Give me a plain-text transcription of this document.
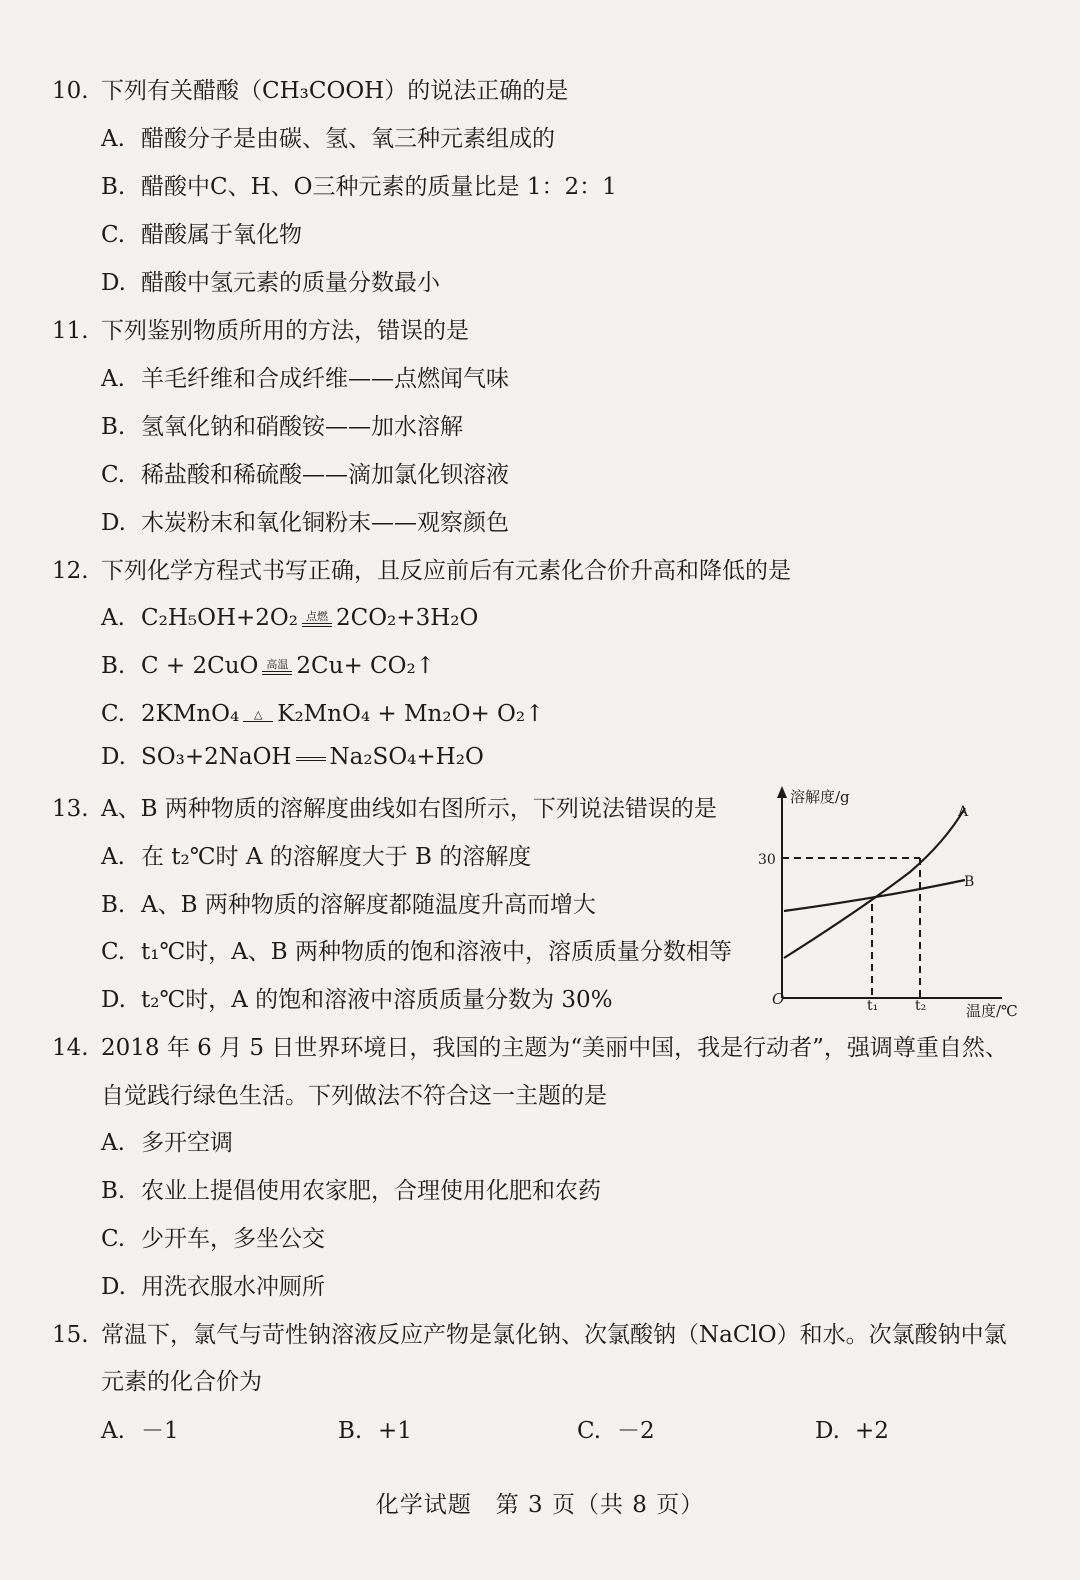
10. 下列有关醋酸（CH₃COOH）的说法正确的是
A. 醋酸分子是由碳、氢、氧三种元素组成的
B. 醋酸中C、H、O三种元素的质量比是 1：2：1
C. 醋酸属于氧化物
D. 醋酸中氢元素的质量分数最小
11. 下列鉴别物质所用的方法，错误的是
A. 羊毛纤维和合成纤维——点燃闻气味
B. 氢氧化钠和硝酸铵——加水溶解
C. 稀盐酸和稀硫酸——滴加氯化钡溶液
D. 木炭粉末和氧化铜粉末——观察颜色
12. 下列化学方程式书写正确，且反应前后有元素化合价升高和降低的是
A. C₂H₅OH+2O₂ 点燃 2CO₂+3H₂O
B. C + 2CuO 高温 2Cu+ CO₂↑
C. 2KMnO₄	△ K₂MnO₄ + Mn₂O+ O₂↑
D. SO₃+2NaOH Na₂SO₄+H₂O
13. A、B 两种物质的溶解度曲线如右图所示，下列说法错误的是
A. 在 t₂℃时 A 的溶解度大于 B 的溶解度
B. A、B 两种物质的溶解度都随温度升高而增大
C. t₁℃时，A、B 两种物质的饱和溶液中，溶质质量分数相等
D. t₂℃时，A 的饱和溶液中溶质质量分数为 30%
溶解度/g
温度/℃
O
30
t₁	t₂
A
B
14. 2018 年 6 月 5 日世界环境日，我国的主题为“美丽中国，我是行动者”，强调尊重自然、
自觉践行绿色生活。下列做法不符合这一主题的是
A. 多开空调
B. 农业上提倡使用农家肥，合理使用化肥和农药
C. 少开车，多坐公交
D. 用洗衣服水冲厕所
15. 常温下，氯气与苛性钠溶液反应产物是氯化钠、次氯酸钠（NaClO）和水。次氯酸钠中氯
元素的化合价为
A. －1	B. +1	C. －2	D. +2
化学试题　第 3 页（共 8 页）
